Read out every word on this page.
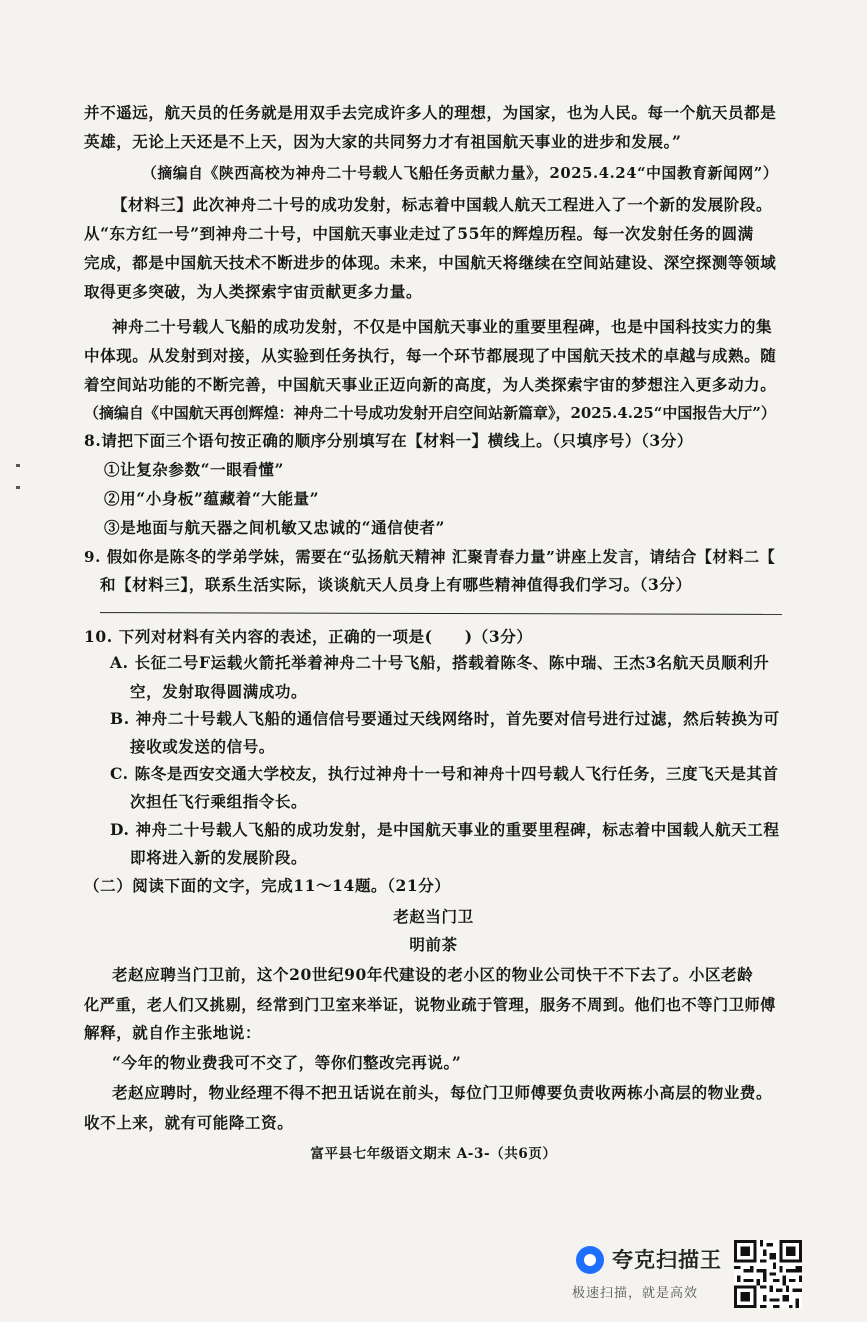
并不遥远，航天员的任务就是用双手去完成许多人的理想，为国家，也为人民。每一个航天员都是
英雄，无论上天还是不上天，因为大家的共同努力才有祖国航天事业的进步和发展。”
（摘编自《陕西高校为神舟二十号载人飞船任务贡献力量》，2025.4.24“中国教育新闻网”）
【材料三】此次神舟二十号的成功发射，标志着中国载人航天工程进入了一个新的发展阶段。
从“东方红一号”到神舟二十号，中国航天事业走过了55年的辉煌历程。每一次发射任务的圆满
完成，都是中国航天技术不断进步的体现。未来，中国航天将继续在空间站建设、深空探测等领域
取得更多突破，为人类探索宇宙贡献更多力量。
神舟二十号载人飞船的成功发射，不仅是中国航天事业的重要里程碑，也是中国科技实力的集
中体现。从发射到对接，从实验到任务执行，每一个环节都展现了中国航天技术的卓越与成熟。随
着空间站功能的不断完善，中国航天事业正迈向新的高度，为人类探索宇宙的梦想注入更多动力。
（摘编自《中国航天再创辉煌：神舟二十号成功发射开启空间站新篇章》，2025.4.25“中国报告大厅”）
8.请把下面三个语句按正确的顺序分别填写在【材料一】横线上。（只填序号）（3分）
①让复杂参数“一眼看懂”
②用“小身板”蕴藏着“大能量”
③是地面与航天器之间机敏又忠诚的“通信使者”
9. 假如你是陈冬的学弟学妹，需要在“弘扬航天精神 汇聚青春力量”讲座上发言，请结合【材料二【
和【材料三】，联系生活实际，谈谈航天人员身上有哪些精神值得我们学习。（3分）
10. 下列对材料有关内容的表述，正确的一项是(　　)（3分）
A. 长征二号F运载火箭托举着神舟二十号飞船，搭载着陈冬、陈中瑞、王杰3名航天员顺利升
空，发射取得圆满成功。
B. 神舟二十号载人飞船的通信信号要通过天线网络时，首先要对信号进行过滤，然后转换为可
接收或发送的信号。
C. 陈冬是西安交通大学校友，执行过神舟十一号和神舟十四号载人飞行任务，三度飞天是其首
次担任飞行乘组指令长。
D. 神舟二十号载人飞船的成功发射，是中国航天事业的重要里程碑，标志着中国载人航天工程
即将进入新的发展阶段。
（二）阅读下面的文字，完成11～14题。（21分）
老赵当门卫
明前茶
老赵应聘当门卫前，这个20世纪90年代建设的老小区的物业公司快干不下去了。小区老龄
化严重，老人们又挑剔，经常到门卫室来举证，说物业疏于管理，服务不周到。他们也不等门卫师傅
解释，就自作主张地说：
“今年的物业费我可不交了，等你们整改完再说。”
老赵应聘时，物业经理不得不把丑话说在前头，每位门卫师傅要负责收两栋小高层的物业费。
收不上来，就有可能降工资。
富平县七年级语文期末 A-3-（共6页）
夸克扫描王
极速扫描，就是高效
